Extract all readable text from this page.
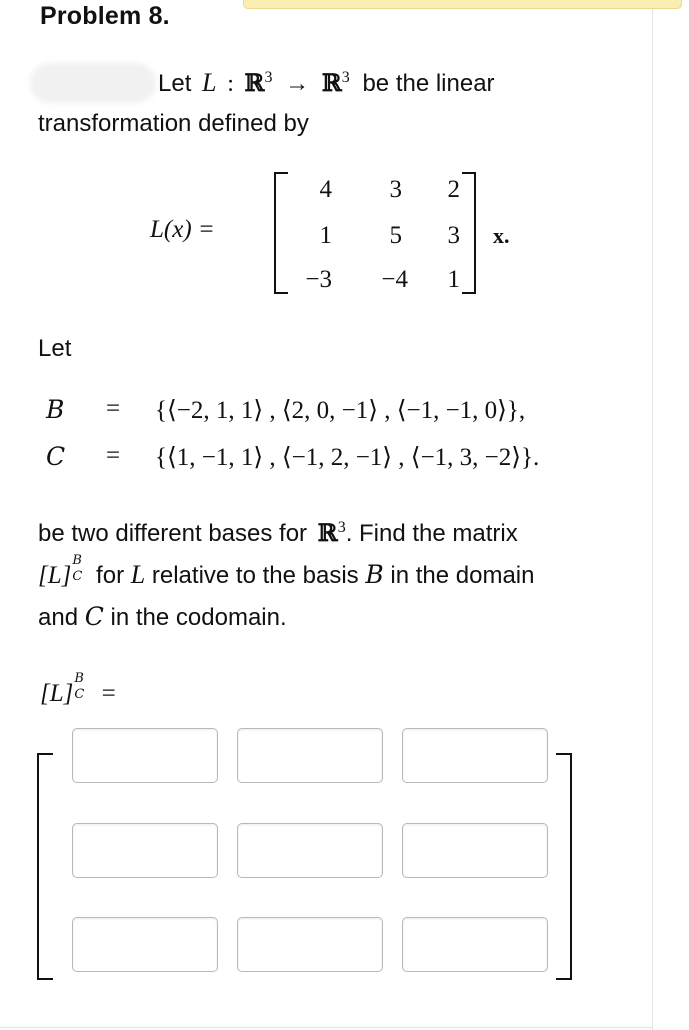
Problem 8.
Let L : ℝ$^3$ → ℝ$^3$ be the linear
transformation defined by
L(x) =
4	3	2
1	5	3
−3	−4	1
x.
Let
B = {⟨−2, 1, 1⟩ , ⟨2, 0, −1⟩ , ⟨−1, −1, 0⟩},
C = {⟨1, −1, 1⟩ , ⟨−1, 2, −1⟩ , ⟨−1, 3, −2⟩}.
be two different bases for ℝ$^3$. Find the matrix
[L]
B
C for L relative to the basis B in the domain
and C in the codomain.
[L]
B
C =
